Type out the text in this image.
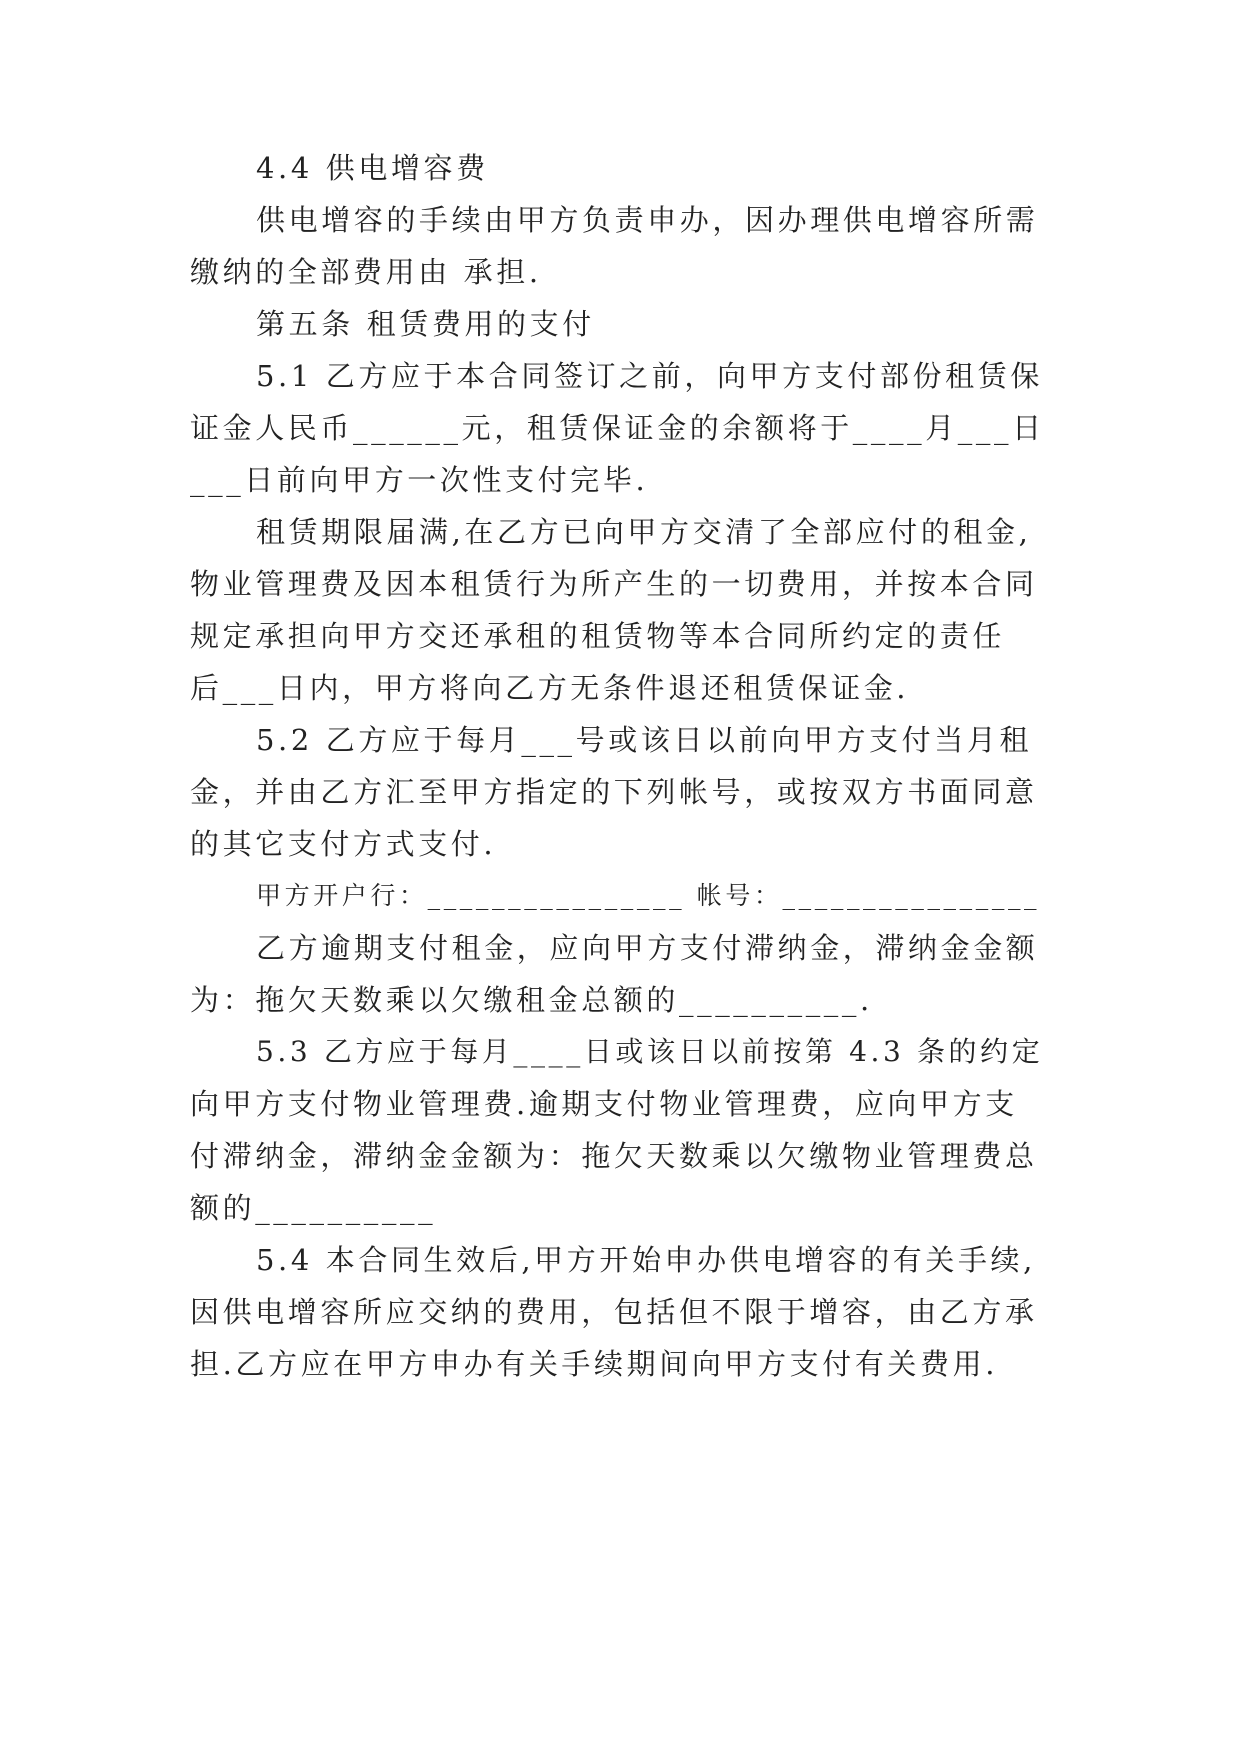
4.4 供电增容费
供电增容的手续由甲方负责申办，因办理供电增容所需
缴纳的全部费用由 承担.
第五条 租赁费用的支付
5.1 乙方应于本合同签订之前，向甲方支付部份租赁保
证金人民币______元，租赁保证金的余额将于____月___日
___日前向甲方一次性支付完毕.
租赁期限届满,在乙方已向甲方交清了全部应付的租金,
物业管理费及因本租赁行为所产生的一切费用，并按本合同
规定承担向甲方交还承租的租赁物等本合同所约定的责任
后___日内，甲方将向乙方无条件退还租赁保证金.
5.2 乙方应于每月___号或该日以前向甲方支付当月租
金，并由乙方汇至甲方指定的下列帐号，或按双方书面同意
的其它支付方式支付.
甲方开户行：________________ 帐号：________________
乙方逾期支付租金，应向甲方支付滞纳金，滞纳金金额
为：拖欠天数乘以欠缴租金总额的__________.
5.3 乙方应于每月____日或该日以前按第 4.3 条的约定
向甲方支付物业管理费.逾期支付物业管理费，应向甲方支
付滞纳金，滞纳金金额为：拖欠天数乘以欠缴物业管理费总
额的__________
5.4 本合同生效后,甲方开始申办供电增容的有关手续,
因供电增容所应交纳的费用，包括但不限于增容，由乙方承
担.乙方应在甲方申办有关手续期间向甲方支付有关费用.
